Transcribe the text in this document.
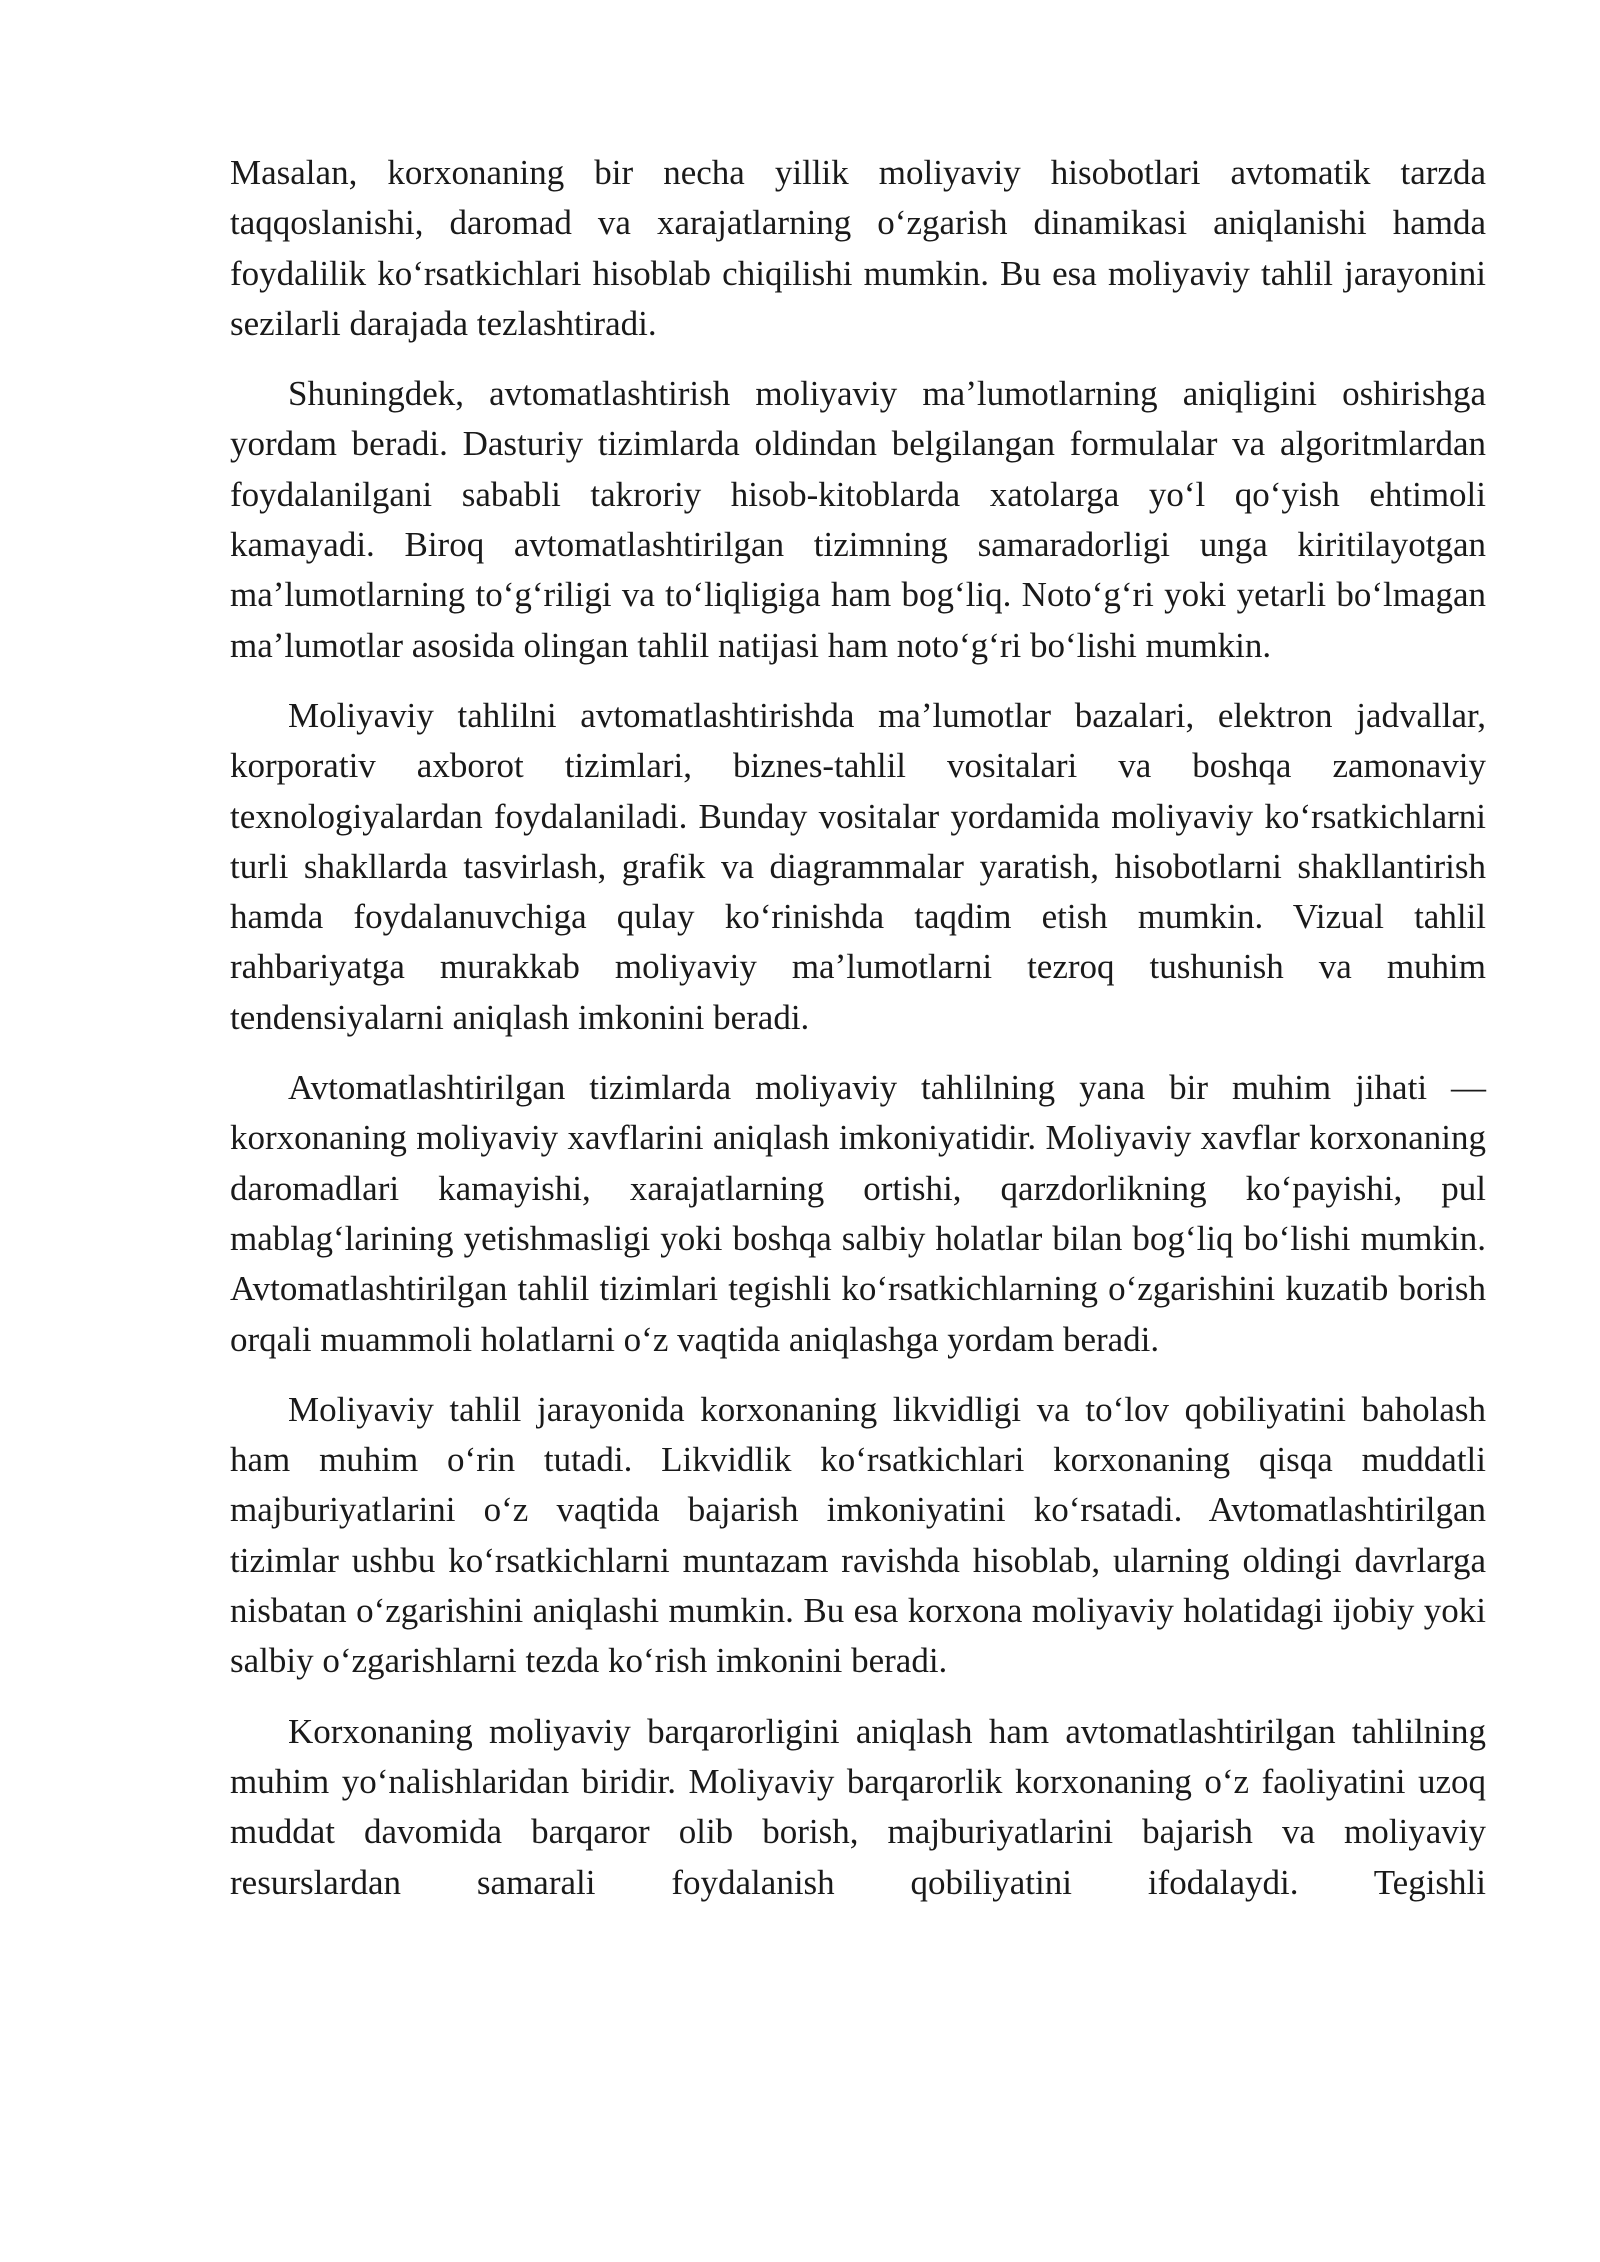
Masalan, korxonaning bir necha yillik moliyaviy hisobotlari avtomatik tarzda taqqoslanishi, daromad va xarajatlarning oʻzgarish dinamikasi aniqlanishi hamda foydalilik koʻrsatkichlari hisoblab chiqilishi mumkin. Bu esa moliyaviy tahlil jarayonini sezilarli darajada tezlashtiradi.

Shuningdek, avtomatlashtirish moliyaviy maʼlumotlarning aniqligini oshirishga yordam beradi. Dasturiy tizimlarda oldindan belgilangan formulalar va algoritmlardan foydalanilgani sababli takroriy hisob-kitoblarda xatolarga yoʻl qoʻyish ehtimoli kamayadi. Biroq avtomatlashtirilgan tizimning samaradorligi unga kiritilayotgan maʼlumotlarning toʻgʻriligi va toʻliqligiga ham bogʻliq. Notoʻgʻri yoki yetarli boʻlmagan maʼlumotlar asosida olingan tahlil natijasi ham notoʻgʻri boʻlishi mumkin.

Moliyaviy tahlilni avtomatlashtirishda maʼlumotlar bazalari, elektron jadvallar, korporativ axborot tizimlari, biznes-tahlil vositalari va boshqa zamonaviy texnologiyalardan foydalaniladi. Bunday vositalar yordamida moliyaviy koʻrsatkichlarni turli shakllarda tasvirlash, grafik va diagrammalar yaratish, hisobotlarni shakllantirish hamda foydalanuvchiga qulay koʻrinishda taqdim etish mumkin. Vizual tahlil rahbariyatga murakkab moliyaviy maʼlumotlarni tezroq tushunish va muhim tendensiyalarni aniqlash imkonini beradi.

Avtomatlashtirilgan tizimlarda moliyaviy tahlilning yana bir muhim jihati — korxonaning moliyaviy xavflarini aniqlash imkoniyatidir. Moliyaviy xavflar korxonaning daromadlari kamayishi, xarajatlarning ortishi, qarzdorlikning koʻpayishi, pul mablagʻlarining yetishmasligi yoki boshqa salbiy holatlar bilan bogʻliq boʻlishi mumkin. Avtomatlashtirilgan tahlil tizimlari tegishli koʻrsatkichlarning oʻzgarishini kuzatib borish orqali muammoli holatlarni oʻz vaqtida aniqlashga yordam beradi.

Moliyaviy tahlil jarayonida korxonaning likvidligi va toʻlov qobiliyatini baholash ham muhim oʻrin tutadi. Likvidlik koʻrsatkichlari korxonaning qisqa muddatli majburiyatlarini oʻz vaqtida bajarish imkoniyatini koʻrsatadi. Avtomatlashtirilgan tizimlar ushbu koʻrsatkichlarni muntazam ravishda hisoblab, ularning oldingi davrlarga nisbatan oʻzgarishini aniqlashi mumkin. Bu esa korxona moliyaviy holatidagi ijobiy yoki salbiy oʻzgarishlarni tezda koʻrish imkonini beradi.

Korxonaning moliyaviy barqarorligini aniqlash ham avtomatlashtirilgan tahlilning muhim yoʻnalishlaridan biridir. Moliyaviy barqarorlik korxonaning oʻz faoliyatini uzoq muddat davomida barqaror olib borish, majburiyatlarini bajarish va moliyaviy resurslardan samarali foydalanish qobiliyatini ifodalaydi. Tegishli
